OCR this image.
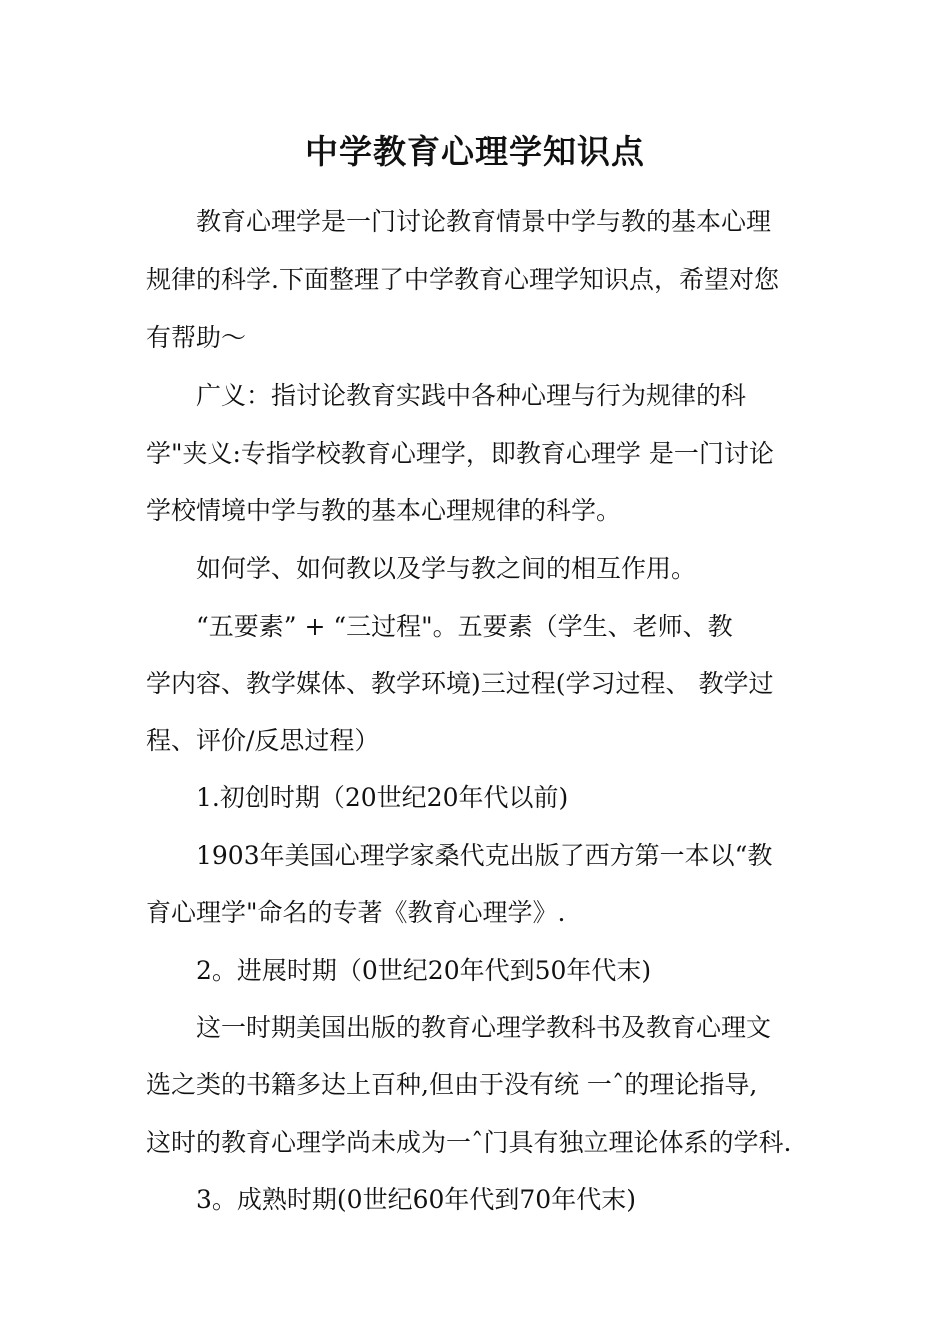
中学教育心理学知识点

教育心理学是一门讨论教育情景中学与教的基本心理

规律的科学.下面整理了中学教育心理学知识点，希望对您

有帮助～

广义：指讨论教育实践中各种心理与行为规律的科

学"夹义:专指学校教育心理学，即教育心理学 是一门讨论

学校情境中学与教的基本心理规律的科学。

如何学、如何教以及学与教之间的相互作用。

“五要素” + “三过程"。五要素（学生、老师、教

学内容、教学媒体、教学环境)三过程(学习过程、 教学过

程、评价/反思过程）

1.初创时期（20世纪20年代以前)

1903年美国心理学家桑代克出版了西方第一本以“教

育心理学"命名的专著《教育心理学》.

2。进展时期（0世纪20年代到50年代末)

这一时期美国出版的教育心理学教科书及教育心理文

选之类的书籍多达上百种,但由于没有统 一ˆ的理论指导,

这时的教育心理学尚未成为一ˆ门具有独立理论体系的学科.

3。成熟时期(0世纪60年代到70年代末)
